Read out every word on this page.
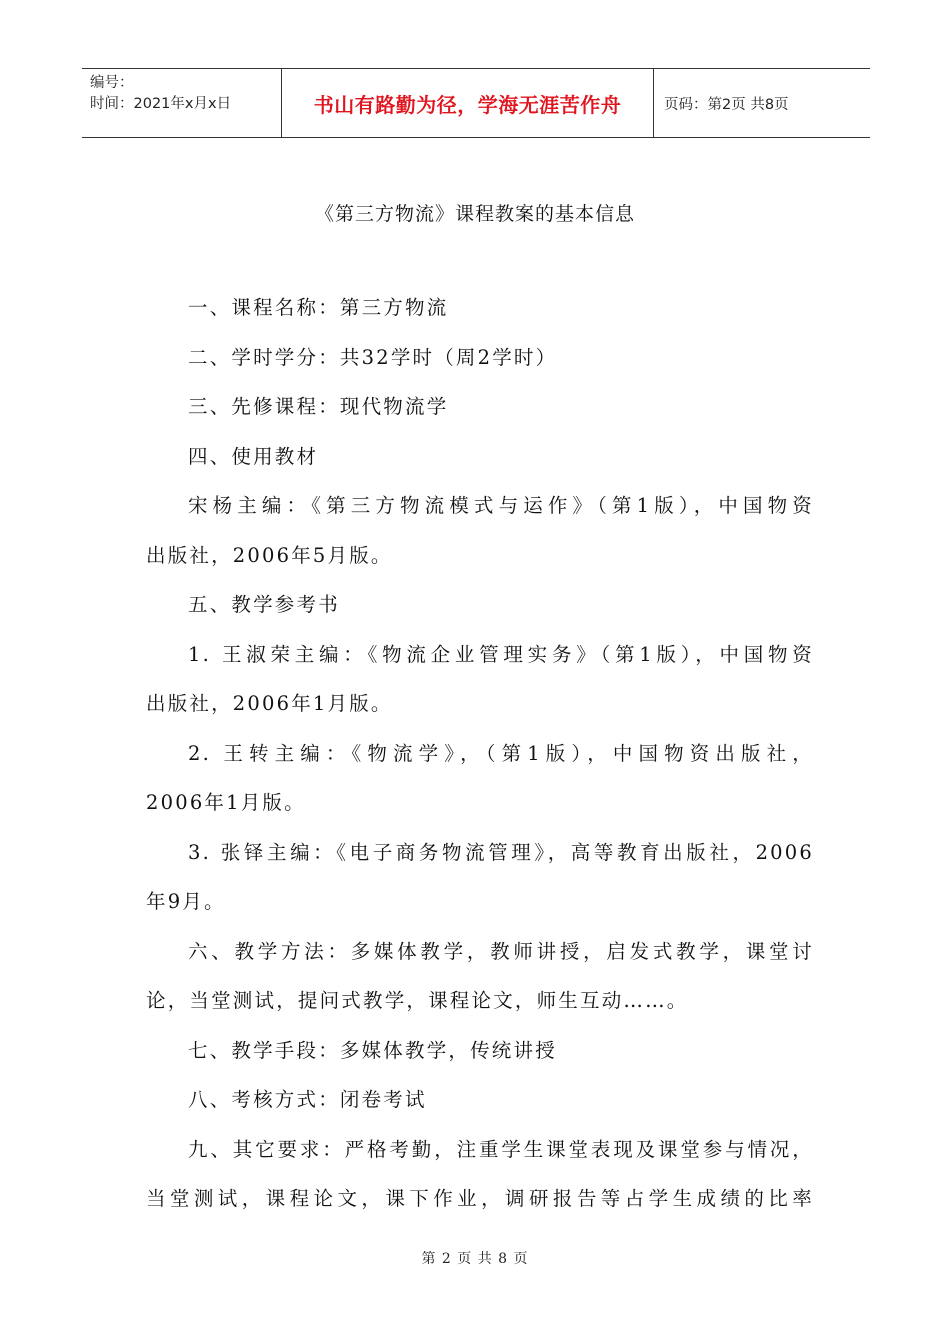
编号：
时间：2021年x月x日	书山有路勤为径，学海无涯苦作舟	页码：第2页 共8页
《第三方物流》课程教案的基本信息
一、课程名称：第三方物流
二、学时学分：共32学时（周2学时）
三、先修课程：现代物流学
四、使用教材
宋杨主编：《第三方物流模式与运作》（第1版），中国物资
出版社，2006年5月版。
五、教学参考书
1. 王淑荣主编：《物流企业管理实务》（第1版），中国物资
出版社，2006年1月版。
2. 王转主编：《物流学》，（第1版），中国物资出版社，
2006年1月版。
3. 张铎主编：《电子商务物流管理》，高等教育出版社，2006
年9月。
六、教学方法：多媒体教学，教师讲授，启发式教学，课堂讨
论，当堂测试，提问式教学，课程论文，师生互动……。
七、教学手段：多媒体教学，传统讲授
八、考核方式：闭卷考试
九、其它要求：严格考勤，注重学生课堂表现及课堂参与情况，
当堂测试，课程论文，课下作业，调研报告等占学生成绩的比率
第 2 页 共 8 页
